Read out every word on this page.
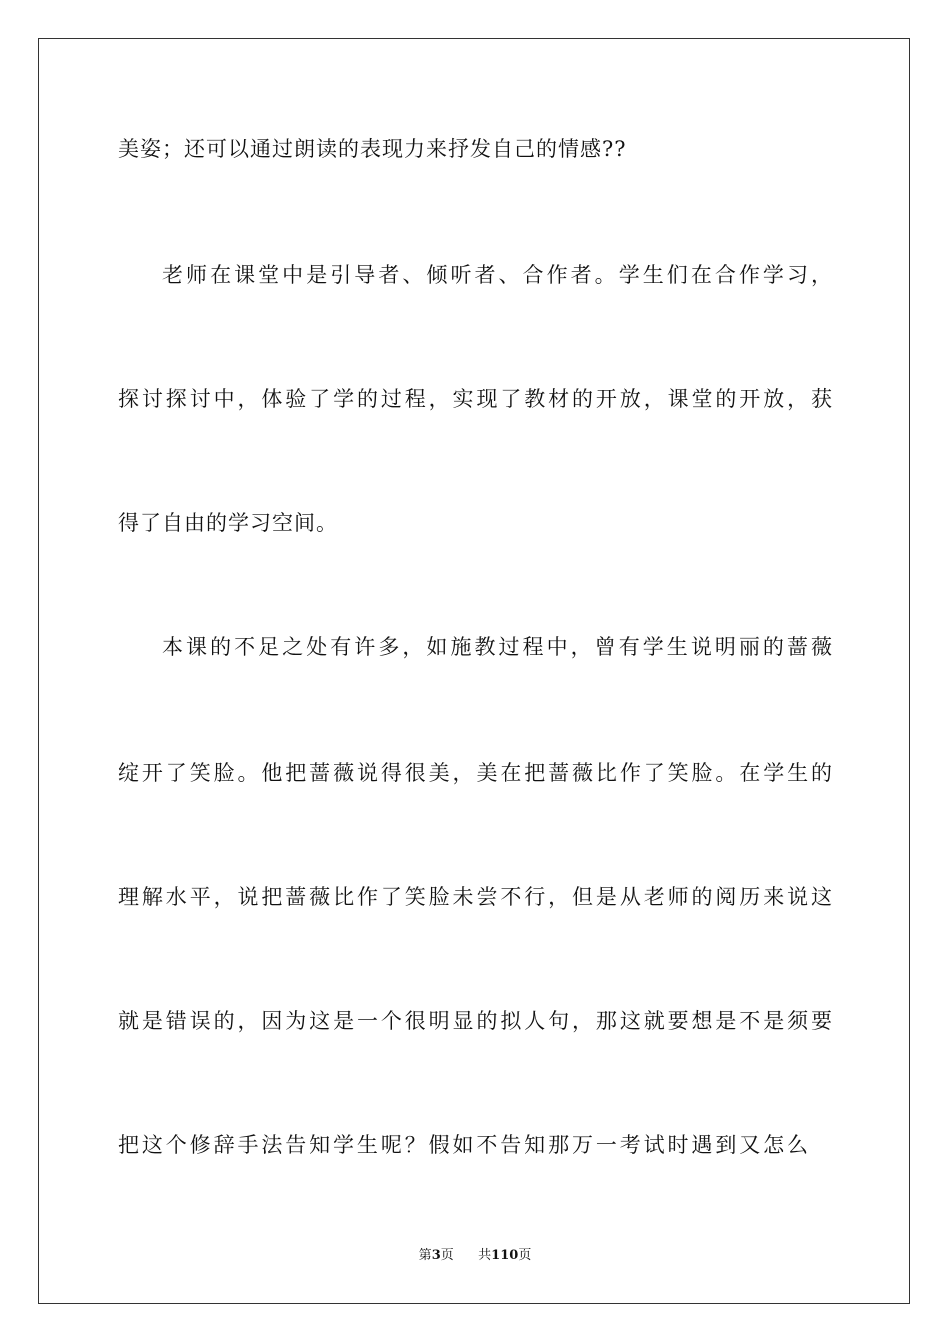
美姿；还可以通过朗读的表现力来抒发自己的情感??
老师在课堂中是引导者、倾听者、合作者。学生们在合作学习，
探讨探讨中，体验了学的过程，实现了教材的开放，课堂的开放，获
得了自由的学习空间。
本课的不足之处有许多，如施教过程中，曾有学生说明丽的蔷薇
绽开了笑脸。他把蔷薇说得很美，美在把蔷薇比作了笑脸。在学生的
理解水平，说把蔷薇比作了笑脸未尝不行，但是从老师的阅历来说这
就是错误的，因为这是一个很明显的拟人句，那这就要想是不是须要
把这个修辞手法告知学生呢？假如不告知那万一考试时遇到又怎么
第3页 共110页
